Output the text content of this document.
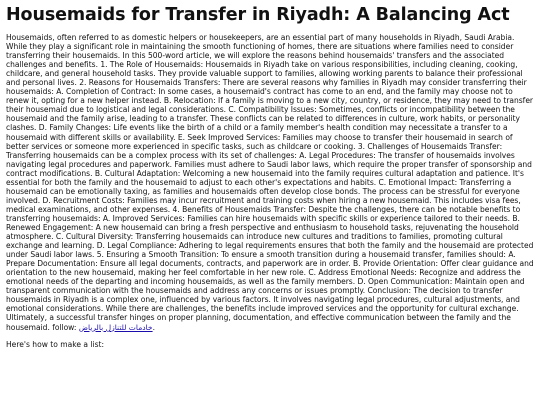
Housemaids for Transfer in Riyadh: A Balancing Act

Housemaids, often referred to as domestic helpers or housekeepers, are an essential part of many households in Riyadh, Saudi Arabia. While they play a significant role in maintaining the smooth functioning of homes, there are situations where families need to consider transferring their housemaids. In this 500-word article, we will explore the reasons behind housemaids' transfers and the associated challenges and benefits. 1. The Role of Housemaids: Housemaids in Riyadh take on various responsibilities, including cleaning, cooking, childcare, and general household tasks. They provide valuable support to families, allowing working parents to balance their professional and personal lives. 2. Reasons for Housemaids Transfers: There are several reasons why families in Riyadh may consider transferring their housemaids: A. Completion of Contract: In some cases, a housemaid's contract has come to an end, and the family may choose not to renew it, opting for a new helper instead. B. Relocation: If a family is moving to a new city, country, or residence, they may need to transfer their housemaid due to logistical and legal considerations. C. Compatibility Issues: Sometimes, conflicts or incompatibility between the housemaid and the family arise, leading to a transfer. These conflicts can be related to differences in culture, work habits, or personality clashes. D. Family Changes: Life events like the birth of a child or a family member's health condition may necessitate a transfer to a housemaid with different skills or availability. E. Seek Improved Services: Families may choose to transfer their housemaid in search of better services or someone more experienced in specific tasks, such as childcare or cooking. 3. Challenges of Housemaids Transfer: Transferring housemaids can be a complex process with its set of challenges: A. Legal Procedures: The transfer of housemaids involves navigating legal procedures and paperwork. Families must adhere to Saudi labor laws, which require the proper transfer of sponsorship and contract modifications. B. Cultural Adaptation: Welcoming a new housemaid into the family requires cultural adaptation and patience. It's essential for both the family and the housemaid to adjust to each other's expectations and habits. C. Emotional Impact: Transferring a housemaid can be emotionally taxing, as families and housemaids often develop close bonds. The process can be stressful for everyone involved. D. Recruitment Costs: Families may incur recruitment and training costs when hiring a new housemaid. This includes visa fees, medical examinations, and other expenses. 4. Benefits of Housemaids Transfer: Despite the challenges, there can be notable benefits to transferring housemaids: A. Improved Services: Families can hire housemaids with specific skills or experience tailored to their needs. B. Renewed Engagement: A new housemaid can bring a fresh perspective and enthusiasm to household tasks, rejuvenating the household atmosphere. C. Cultural Diversity: Transferring housemaids can introduce new cultures and traditions to families, promoting cultural exchange and learning. D. Legal Compliance: Adhering to legal requirements ensures that both the family and the housemaid are protected under Saudi labor laws. 5. Ensuring a Smooth Transition: To ensure a smooth transition during a housemaid transfer, families should: A. Prepare Documentation: Ensure all legal documents, contracts, and paperwork are in order. B. Provide Orientation: Offer clear guidance and orientation to the new housemaid, making her feel comfortable in her new role. C. Address Emotional Needs: Recognize and address the emotional needs of the departing and incoming housemaids, as well as the family members. D. Open Communication: Maintain open and transparent communication with the housemaids and address any concerns or issues promptly. Conclusion: The decision to transfer housemaids in Riyadh is a complex one, influenced by various factors. It involves navigating legal procedures, cultural adjustments, and emotional considerations. While there are challenges, the benefits include improved services and the opportunity for cultural exchange. Ultimately, a successful transfer hinges on proper planning, documentation, and effective communication between the family and the housemaid. follow: خادمات للتنازل بالرياض.

Here's how to make a list:
